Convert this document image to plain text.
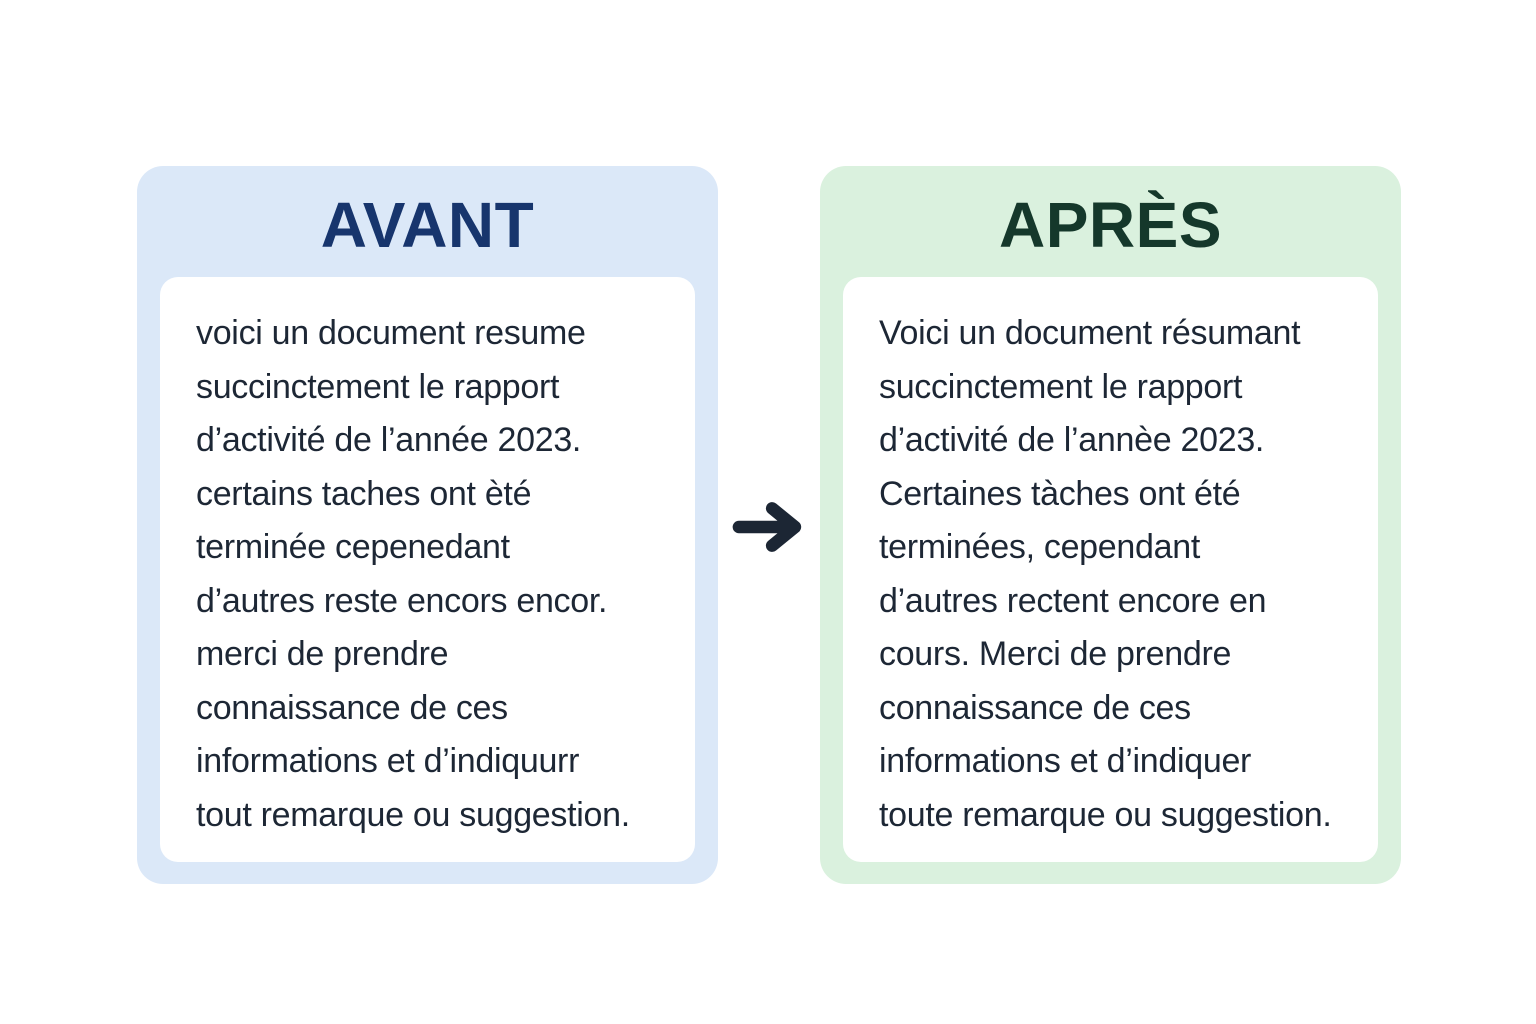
AVANT
voici un document resume
succinctement le rapport
d’activité de l’année 2023.
certains taches ont èté
terminée cepenedant
d’autres reste encors encor.
merci de prendre
connaissance de ces
informations et d’indiquurr
tout remarque ou suggestion.
APRÈS
Voici un document résumant
succinctement le rapport
d’activité de l’annèe 2023.
Certaines tàches ont été
terminées, cependant
d’autres rectent encore en
cours. Merci de prendre
connaissance de ces
informations et d’indiquer
toute remarque ou suggestion.
